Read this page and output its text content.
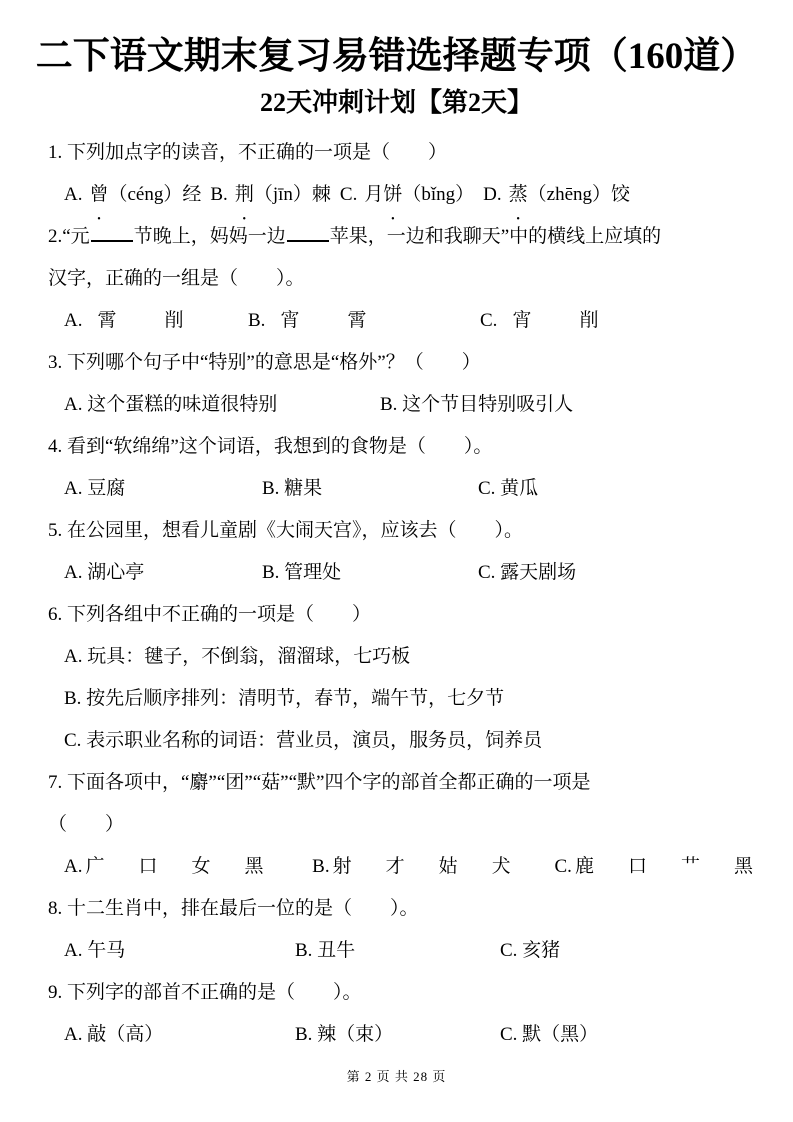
二下语文期末复习易错选择题专项（160道）
22天冲刺计划【第2天】

1. 下列加点字的读音，不正确的一项是（　　）

A. 曾（céng）经 B. 荆（jīn）棘 C. 月饼（bǐng） D. 蒸（zhēng）饺

2.“元 节晚上，妈妈一边 苹果，一边和我聊天”中的横线上应填的

汉字，正确的一组是（　　）。

A. 霄	削	B. 宵	霄	C. 宵	削

3. 下列哪个句子中“特别”的意思是“格外”？（　　）

A. 这个蛋糕的味道很特别	B. 这个节目特别吸引人

4. 看到“软绵绵”这个词语，我想到的食物是（　　）。

A. 豆腐	B. 糖果	C. 黄瓜

5. 在公园里，想看儿童剧《大闹天宫》，应该去（　　）。

A. 湖心亭	B. 管理处	C. 露天剧场

6. 下列各组中不正确的一项是（　　）

A. 玩具：毽子，不倒翁，溜溜球，七巧板

B. 按先后顺序排列：清明节，春节，端午节，七夕节

C. 表示职业名称的词语：营业员，演员，服务员，饲养员

7. 下面各项中，“麝”“团”“菇”“默”四个字的部首全都正确的一项是

（　　）

A. 广 口 女 黑	B. 射 才 姑 犬	C. 鹿 口 艹 黑

8. 十二生肖中，排在最后一位的是（　　）。

A. 午马	B. 丑牛	C. 亥猪

9. 下列字的部首不正确的是（　　）。

A. 敲（高）	B. 辣（束）	C. 默（黑）

第 2 页 共 28 页
